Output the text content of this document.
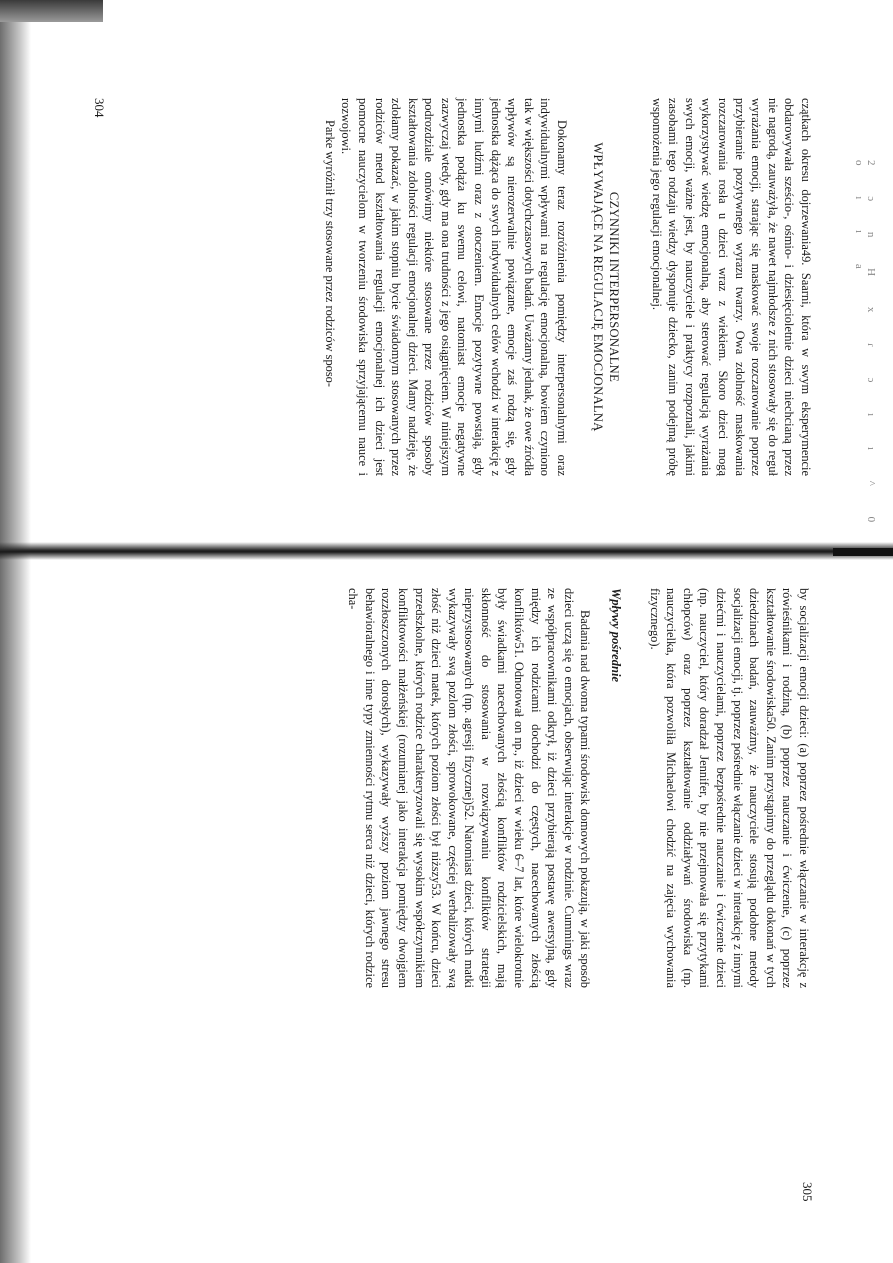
2 ɔ n H x ɾ ɔ ı ı ^ 0 o ı ı a

czątkach okresu dojrzewania49. Saarni, która w swym eksperymencie obdarowywała sześcio-, ośmio- i dziesięcioletnie dzieci niechcianą przez nie nagrodą, zauważyła, że nawet najmłodsze z nich stosowały się do reguł wyrażania emocji, starając się maskować swoje rozczarowanie poprzez przybieranie pozytywnego wyrazu twarzy. Owa zdolność maskowania rozczarowania rosła u dzieci wraz z wiekiem. Skoro dzieci mogą wykorzystywać wiedzę emocjonalną, aby sterować regulacją wyrażania swych emocji, ważne jest, by nauczyciele i praktycy rozpoznali, jakimi zasobami tego rodzaju wiedzy dysponuje dziecko, zanim podejmą próbę wspomożenia jego regulacji emocjonalnej.

CZYNNIKI INTERPERSONALNE
WPŁYWAJĄCE NA REGULACJĘ EMOCJONALNĄ

Dokonamy teraz rozróżnienia pomiędzy interpersonalnymi oraz indywidualnymi wpływami na regulację emocjonalną, bowiem czyniono tak w większości dotychczasowych badań. Uważamy jednak, że owe źródła wpływów są nierozerwalnie powiązane, emocje zaś rodzą się, gdy jednostka dążąca do swych indywidualnych celów wchodzi w interakcję z innymi ludźmi oraz z otoczeniem. Emocje pozytywne powstają, gdy jednostka podąża ku swemu celowi, natomiast emocje negatywne zazwyczaj wtedy, gdy ma ona trudności z jego osiągnięciem. W niniejszym podrozdziale omówimy niektóre stosowane przez rodziców sposoby kształtowania zdolności regulacji emocjonalnej dzieci. Mamy nadzieję, że zdołamy pokazać, w jakim stopniu bycie świadomym stosowanych przez rodziców metod kształtowania regulacji emocjonalnej ich dzieci jest pomocne nauczycielom w tworzeniu środowiska sprzyjającemu nauce i rozwojowi.

Parke wyróżnił trzy stosowane przez rodziców sposo-

304

by socjalizacji emocji dzieci: (a) poprzez pośrednie włączanie w interakcję z rówieśnikami i rodziną, (b) poprzez nauczanie i ćwiczenie, (c) poprzez kształtowanie środowiska50. Zanim przystąpimy do przeglądu dokonań w tych dziedzinach badań, zauważmy, że nauczyciele stosują podobne metody socjalizacji emocji, tj. poprzez pośrednie włączanie dzieci w interakcję z innymi dziećmi i nauczycielami, poprzez bezpośrednie nauczanie i ćwiczenie dzieci (np. nauczyciel, który doradzał Jennifer, by nie przejmowała się przytykami chłopców) oraz poprzez kształtowanie oddziaływań środowiska (np. nauczycielka, która pozwoliła Michaelowi chodzić na zajęcia wychowania fizycznego).

Wpływy pośrednie

Badania nad dwoma typami środowisk domowych pokazują, w jaki sposób dzieci uczą się o emocjach, obserwując interakcje w rodzinie. Cummings wraz ze współpracownikami odkrył, iż dzieci przybierają postawę awersyjną, gdy między ich rodzicami dochodzi do częstych, nacechowanych złością konfliktów51. Odnotował on np., iż dzieci w wieku 6–7 lat, które wielokrotnie były świadkami nacechowanych złością konfliktów rodzicielskich, mają skłonność do stosowania w rozwiązywaniu konfliktów strategii nieprzystosowanych (np. agresji fizycznej)52. Natomiast dzieci, których matki wykazywały swą pozlom złości, sprowokowane, częściej werbalizowały swą złość niż dzieci matek, których poziom złości był niższy53. W końcu, dzieci przedszkolne, których rodzice charakteryzowali się wysokim współczynnikiem konfliktowości małżeńskiej (rozumianej jako interakcja pomiędzy dwojgiem rozzłoszczonych dorosłych), wykazywały wyższy poziom jawnego stresu behawioralnego i inne typy zmienności rytmu serca niż dzieci, których rodzice cha-

305
